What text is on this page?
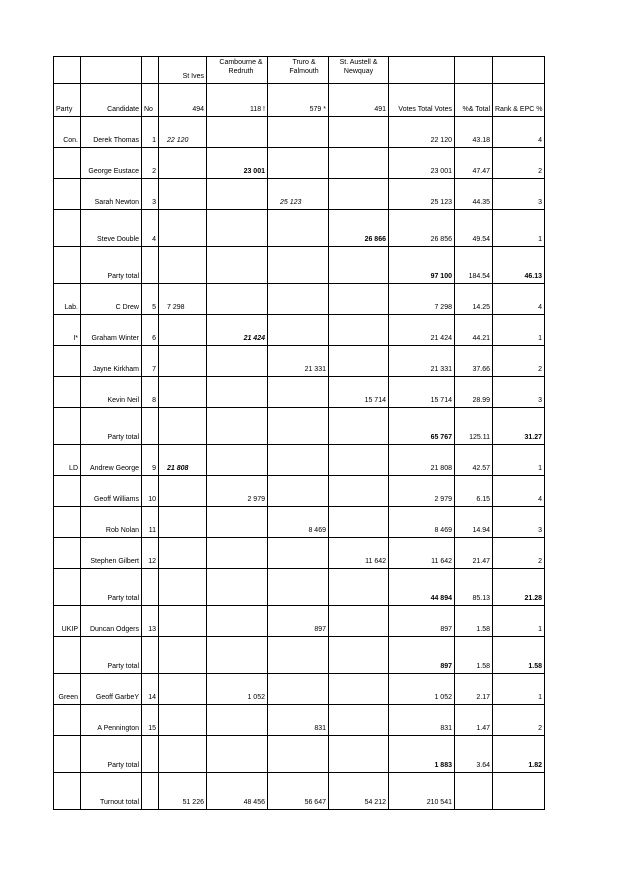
			St Ives	Cambourne & Redruth	Truro & Falmouth	St. Austell & Newquay			
Party	Candidate	No	494	118 !	579 *	491	Votes Total Votes	%& Total	Rank & EPC %
Con.	Derek Thomas	1	22 120				22 120	43.18	4
	George Eustace	2		23 001			23 001	47.47	2
	Sarah Newton	3			25 123		25 123	44.35	3
	Steve Double	4				26 866	26 856	49.54	1
	Party total						97 100	184.54	46.13
Lab.	C Drew	5	7 298				7 298	14.25	4
I*	Graham Winter	6		21 424			21 424	44.21	1
	Jayne Kirkham	7			21 331		21 331	37.66	2
	Kevin Neil	8				15 714	15 714	28.99	3
	Party total						65 767	125.11	31.27
LD	Andrew George	9	21 808				21 808	42.57	1
	Geoff Williams	10		2 979			2 979	6.15	4
	Rob Nolan	11			8 469		8 469	14.94	3
	Stephen Gilbert	12				11 642	11 642	21.47	2
	Party total						44 894	85.13	21.28
UKIP	Duncan Odgers	13			897		897	1.58	1
	Party total						897	1.58	1.58
Green	Geoff GarbeY	14		1 052			1 052	2.17	1
	A Pennington	15			831		831	1.47	2
	Party total						1 883	3.64	1.82
	Turnout total		51 226	48 456	56 647	54 212	210 541		
